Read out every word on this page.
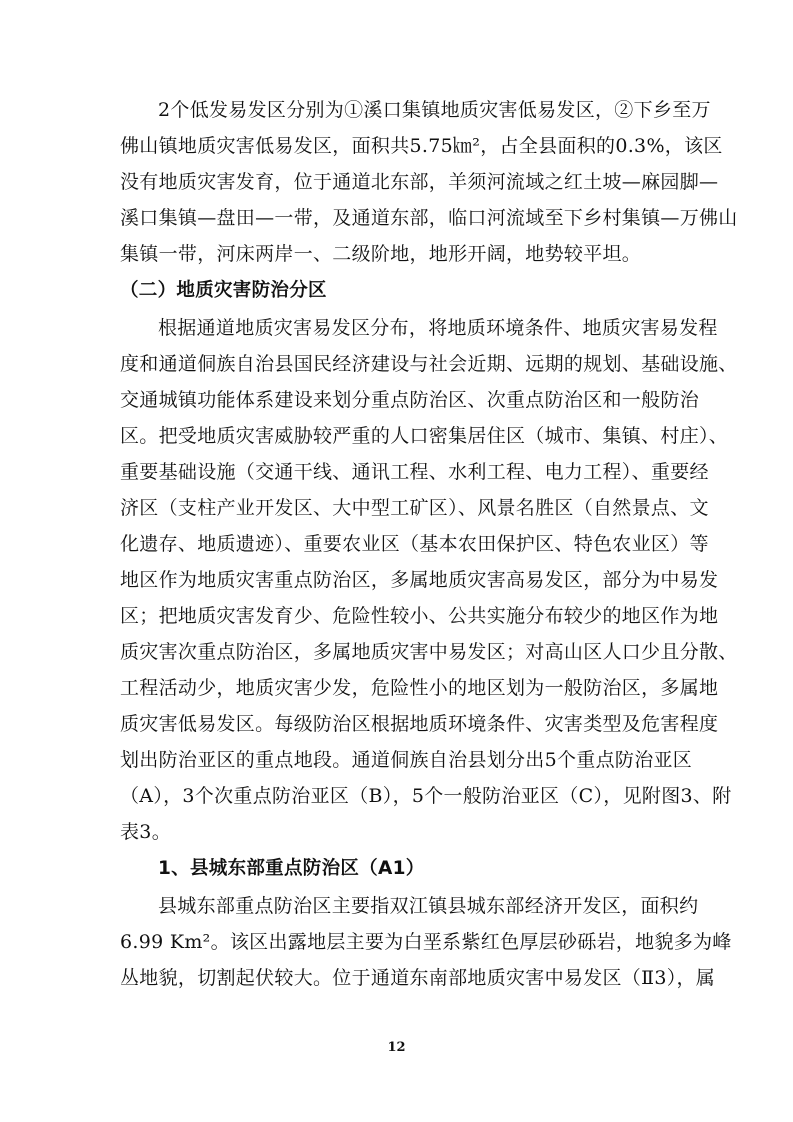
2个低发易发区分别为①溪口集镇地质灾害低易发区，②下乡至万
佛山镇地质灾害低易发区，面积共5.75㎞²，占全县面积的0.3%，该区
没有地质灾害发育，位于通道北东部，羊须河流域之红土坡—麻园脚—
溪口集镇—盘田—一带，及通道东部，临口河流域至下乡村集镇—万佛山
集镇一带，河床两岸一、二级阶地，地形开阔，地势较平坦。
（二）地质灾害防治分区
根据通道地质灾害易发区分布，将地质环境条件、地质灾害易发程
度和通道侗族自治县国民经济建设与社会近期、远期的规划、基础设施、
交通城镇功能体系建设来划分重点防治区、次重点防治区和一般防治
区。把受地质灾害威胁较严重的人口密集居住区（城市、集镇、村庄）、
重要基础设施（交通干线、通讯工程、水利工程、电力工程）、重要经
济区（支柱产业开发区、大中型工矿区）、风景名胜区（自然景点、文
化遗存、地质遗迹）、重要农业区（基本农田保护区、特色农业区）等
地区作为地质灾害重点防治区，多属地质灾害高易发区，部分为中易发
区；把地质灾害发育少、危险性较小、公共实施分布较少的地区作为地
质灾害次重点防治区，多属地质灾害中易发区；对高山区人口少且分散、
工程活动少，地质灾害少发，危险性小的地区划为一般防治区，多属地
质灾害低易发区。每级防治区根据地质环境条件、灾害类型及危害程度
划出防治亚区的重点地段。通道侗族自治县划分出5个重点防治亚区
（A），3个次重点防治亚区（B），5个一般防治亚区（C），见附图3、附
表3。
1、县城东部重点防治区（A1）
县城东部重点防治区主要指双江镇县城东部经济开发区，面积约
6.99 Km²。该区出露地层主要为白垩系紫红色厚层砂砾岩，地貌多为峰
丛地貌，切割起伏较大。位于通道东南部地质灾害中易发区（Ⅱ3），属
12
